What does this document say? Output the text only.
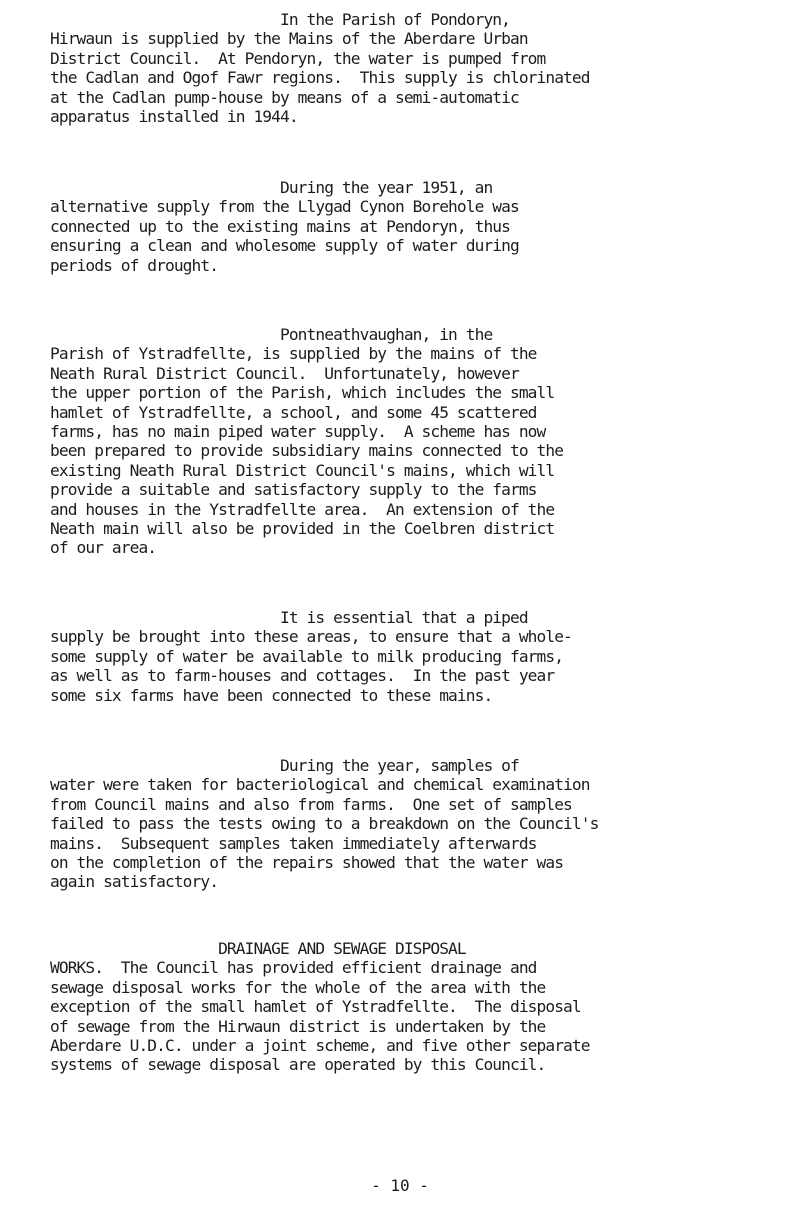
In the Parish of Pondoryn,
Hirwaun is supplied by the Mains of the Aberdare Urban
District Council.  At Pendoryn, the water is pumped from
the Cadlan and Ogof Fawr regions.  This supply is chlorinated
at the Cadlan pump-house by means of a semi-automatic
apparatus installed in 1944.
During the year 1951, an
alternative supply from the Llygad Cynon Borehole was
connected up to the existing mains at Pendoryn, thus
ensuring a clean and wholesome supply of water during
periods of drought.
Pontneathvaughan, in the
Parish of Ystradfellte, is supplied by the mains of the
Neath Rural District Council.  Unfortunately, however
the upper portion of the Parish, which includes the small
hamlet of Ystradfellte, a school, and some 45 scattered
farms, has no main piped water supply.  A scheme has now
been prepared to provide subsidiary mains connected to the
existing Neath Rural District Council's mains, which will
provide a suitable and satisfactory supply to the farms
and houses in the Ystradfellte area.  An extension of the
Neath main will also be provided in the Coelbren district
of our area.
It is essential that a piped
supply be brought into these areas, to ensure that a whole-
some supply of water be available to milk producing farms,
as well as to farm-houses and cottages.  In the past year
some six farms have been connected to these mains.
During the year, samples of
water were taken for bacteriological and chemical examination
from Council mains and also from farms.  One set of samples
failed to pass the tests owing to a breakdown on the Council's
mains.  Subsequent samples taken immediately afterwards
on the completion of the repairs showed that the water was
again satisfactory.
DRAINAGE AND SEWAGE DISPOSAL
WORKS.  The Council has provided efficient drainage and
sewage disposal works for the whole of the area with the
exception of the small hamlet of Ystradfellte.  The disposal
of sewage from the Hirwaun district is undertaken by the
Aberdare U.D.C. under a joint scheme, and five other separate
systems of sewage disposal are operated by this Council.
- 10 -
